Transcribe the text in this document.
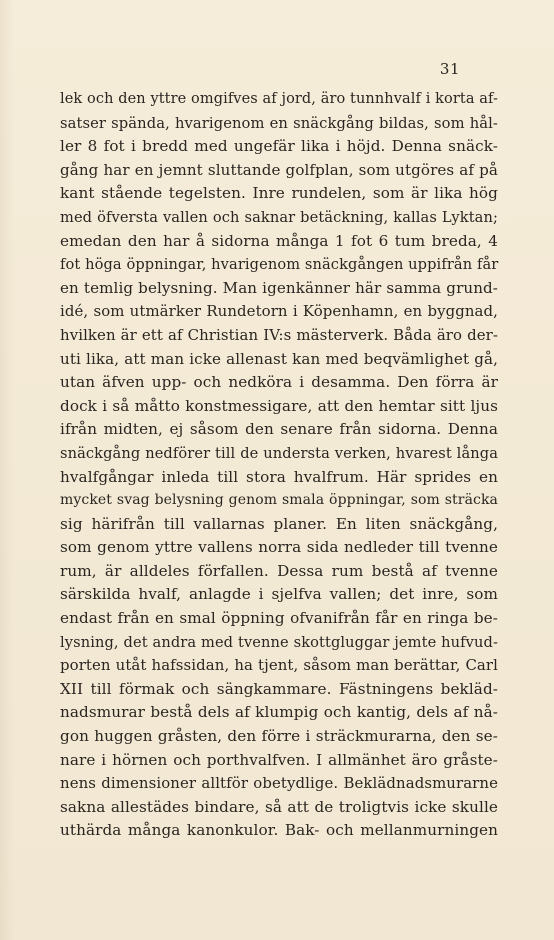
31
lek och den yttre omgifves af jord, äro tunnhvalf i korta af-
satser spända, hvarigenom en snäckgång bildas, som hål-
ler 8 fot i bredd med ungefär lika i höjd. Denna snäck-
gång har en jemnt sluttande golfplan, som utgöres af på
kant stående tegelsten. Inre rundelen, som är lika hög
med öfversta vallen och saknar betäckning, kallas Lyktan;
emedan den har å sidorna många 1 fot 6 tum breda, 4
fot höga öppningar, hvarigenom snäckgången uppifrån får
en temlig belysning. Man igenkänner här samma grund-
idé, som utmärker Rundetorn i Köpenhamn, en byggnad,
hvilken är ett af Christian IV:s mästerverk. Båda äro der-
uti lika, att man icke allenast kan med beqvämlighet gå,
utan äfven upp- och nedköra i desamma. Den förra är
dock i så måtto konstmessigare, att den hemtar sitt ljus
ifrån midten, ej såsom den senare från sidorna. Denna
snäckgång nedförer till de understa verken, hvarest långa
hvalfgångar inleda till stora hvalfrum. Här sprides en
mycket svag belysning genom smala öppningar, som sträcka
sig härifrån till vallarnas planer. En liten snäckgång,
som genom yttre vallens norra sida nedleder till tvenne
rum, är alldeles förfallen. Dessa rum bestå af tvenne
särskilda hvalf, anlagde i sjelfva vallen; det inre, som
endast från en smal öppning ofvanifrån får en ringa be-
lysning, det andra med tvenne skottgluggar jemte hufvud-
porten utåt hafssidan, ha tjent, såsom man berättar, Carl
XII till förmak och sängkammare. Fästningens bekläd-
nadsmurar bestå dels af klumpig och kantig, dels af nå-
gon huggen gråsten, den förre i sträckmurarna, den se-
nare i hörnen och porthvalfven. I allmänhet äro gråste-
nens dimensioner alltför obetydlige. Beklädnadsmurarne
sakna allestädes bindare, så att de troligtvis icke skulle
uthärda många kanonkulor. Bak- och mellanmurningen
